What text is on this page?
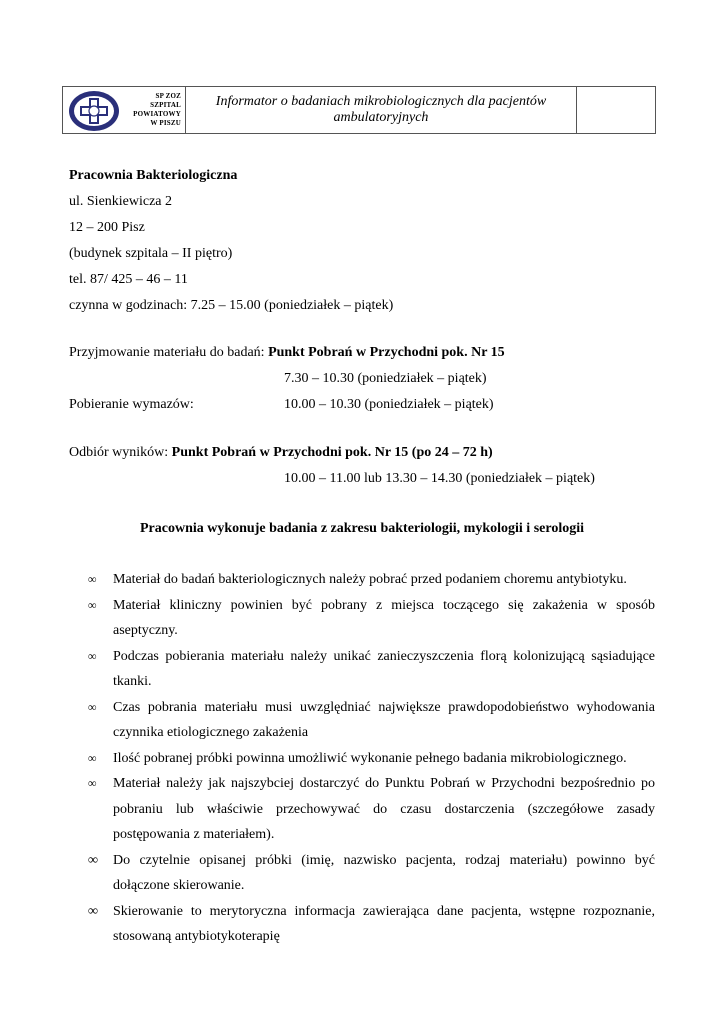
SP ZOZ
SZPITAL
POWIATOWY
W PISZU
Informator o badaniach mikrobiologicznych dla pacjentów
ambulatoryjnych
Pracownia Bakteriologiczna
ul. Sienkiewicza 2
12 – 200 Pisz
(budynek szpitala – II piętro)
tel. 87/ 425 – 46 – 11
czynna w godzinach: 7.25 – 15.00 (poniedziałek – piątek)
Przyjmowanie materiału do badań: Punkt Pobrań w Przychodni pok. Nr 15
7.30 – 10.30 (poniedziałek – piątek)
Pobieranie wymazów:	10.00 – 10.30 (poniedziałek – piątek)
Odbiór wyników: Punkt Pobrań w Przychodni pok. Nr 15 (po 24 – 72 h)
10.00 – 11.00 lub 13.30 – 14.30 (poniedziałek – piątek)
Pracownia wykonuje badania z zakresu bakteriologii, mykologii i serologii
∞	Materiał do badań bakteriologicznych należy pobrać przed podaniem choremu antybiotyku.
∞	Materiał kliniczny powinien być pobrany z miejsca toczącego się zakażenia w sposób aseptyczny.
∞	Podczas pobierania materiału należy unikać zanieczyszczenia florą kolonizującą sąsiadujące tkanki.
∞	Czas pobrania materiału musi uwzględniać największe prawdopodobieństwo wyhodowania czynnika etiologicznego zakażenia
∞	Ilość pobranej próbki powinna umożliwić wykonanie pełnego badania mikrobiologicznego.
∞	Materiał należy jak najszybciej dostarczyć do Punktu Pobrań w Przychodni bezpośrednio po pobraniu lub właściwie przechowywać do czasu dostarczenia (szczegółowe zasady postępowania z materiałem).
∞	Do czytelnie opisanej próbki (imię, nazwisko pacjenta, rodzaj materiału) powinno być dołączone skierowanie.
∞	Skierowanie to merytoryczna informacja zawierająca dane pacjenta, wstępne rozpoznanie, stosowaną antybiotykoterapię
